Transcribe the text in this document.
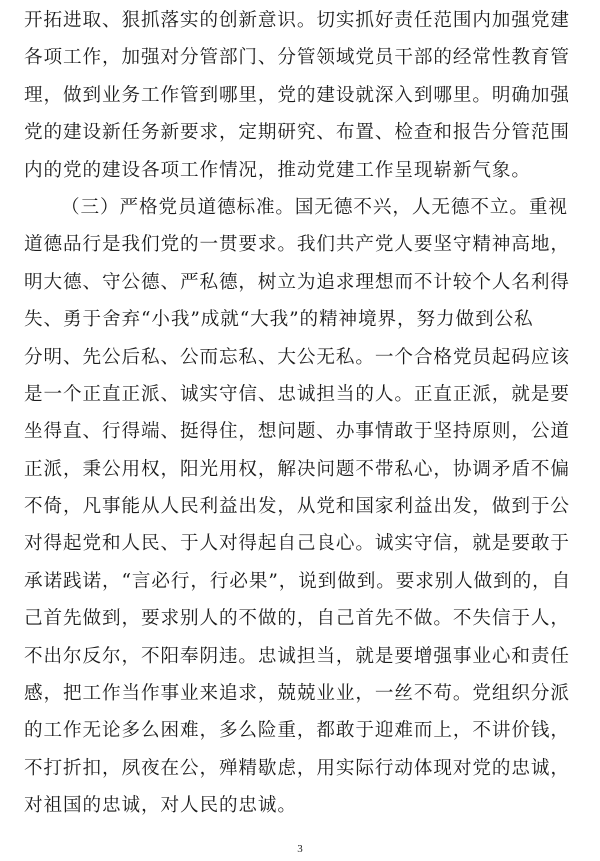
开拓进取、狠抓落实的创新意识。切实抓好责任范围内加强党建
各项工作，加强对分管部门、分管领域党员干部的经常性教育管
理，做到业务工作管到哪里，党的建设就深入到哪里。明确加强
党的建设新任务新要求，定期研究、布置、检查和报告分管范围
内的党的建设各项工作情况，推动党建工作呈现崭新气象。
（三）严格党员道德标准。国无德不兴，人无德不立。重视
道德品行是我们党的一贯要求。我们共产党人要坚守精神高地，
明大德、守公德、严私德，树立为追求理想而不计较个人名利得
失、勇于舍弃“小我”成就“大我”的精神境界，努力做到公私
分明、先公后私、公而忘私、大公无私。一个合格党员起码应该
是一个正直正派、诚实守信、忠诚担当的人。正直正派，就是要
坐得直、行得端、挺得住，想问题、办事情敢于坚持原则，公道
正派，秉公用权，阳光用权，解决问题不带私心，协调矛盾不偏
不倚，凡事能从人民利益出发，从党和国家利益出发，做到于公
对得起党和人民、于人对得起自己良心。诚实守信，就是要敢于
承诺践诺，“言必行，行必果”，说到做到。要求别人做到的，自
己首先做到，要求别人的不做的，自己首先不做。不失信于人，
不出尔反尔，不阳奉阴违。忠诚担当，就是要增强事业心和责任
感，把工作当作事业来追求，兢兢业业，一丝不苟。党组织分派
的工作无论多么困难，多么险重，都敢于迎难而上，不讲价钱，
不打折扣，夙夜在公，殚精歇虑，用实际行动体现对党的忠诚，
对祖国的忠诚，对人民的忠诚。
3
